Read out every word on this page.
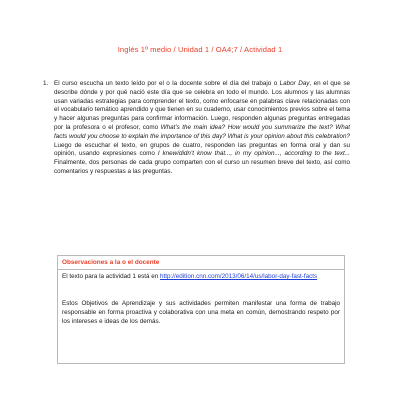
Inglés 1º medio / Unidad 1 / OA4;7 / Actividad 1
1. El curso escucha un texto leído por el o la docente sobre el día del trabajo o Labor Day, en el que se describe dónde y por qué nació este día que se celebra en todo el mundo. Los alumnos y las alumnas usan variadas estrategias para comprender el texto, como enfocarse en palabras clave relacionadas con el vocabulario temático aprendido y que tienen en su cuaderno, usar conocimientos previos sobre el tema y hacer algunas preguntas para confirmar información. Luego, responden algunas preguntas entregadas por la profesora o el profesor, como What’s the main idea? How would you summarize the text? What facts would you choose to explain the importance of this day? What is your opinion about this celebration? Luego de escuchar el texto, en grupos de cuatro, responden las preguntas en forma oral y dan su opinión, usando expresiones como I knew/didn’t know that..., in my opinion..., according to the text... Finalmente, dos personas de cada grupo comparten con el curso un resumen breve del texto, así como comentarios y respuestas a las preguntas.
Observaciones a la o el docente
El texto para la actividad 1 está en http://edition.cnn.com/2013/06/14/us/labor-day-fast-facts
Estos Objetivos de Aprendizaje y sus actividades permiten manifestar una forma de trabajo responsable en forma proactiva y colaborativa con una meta en común, demostrando respeto por los intereses e ideas de los demás.
